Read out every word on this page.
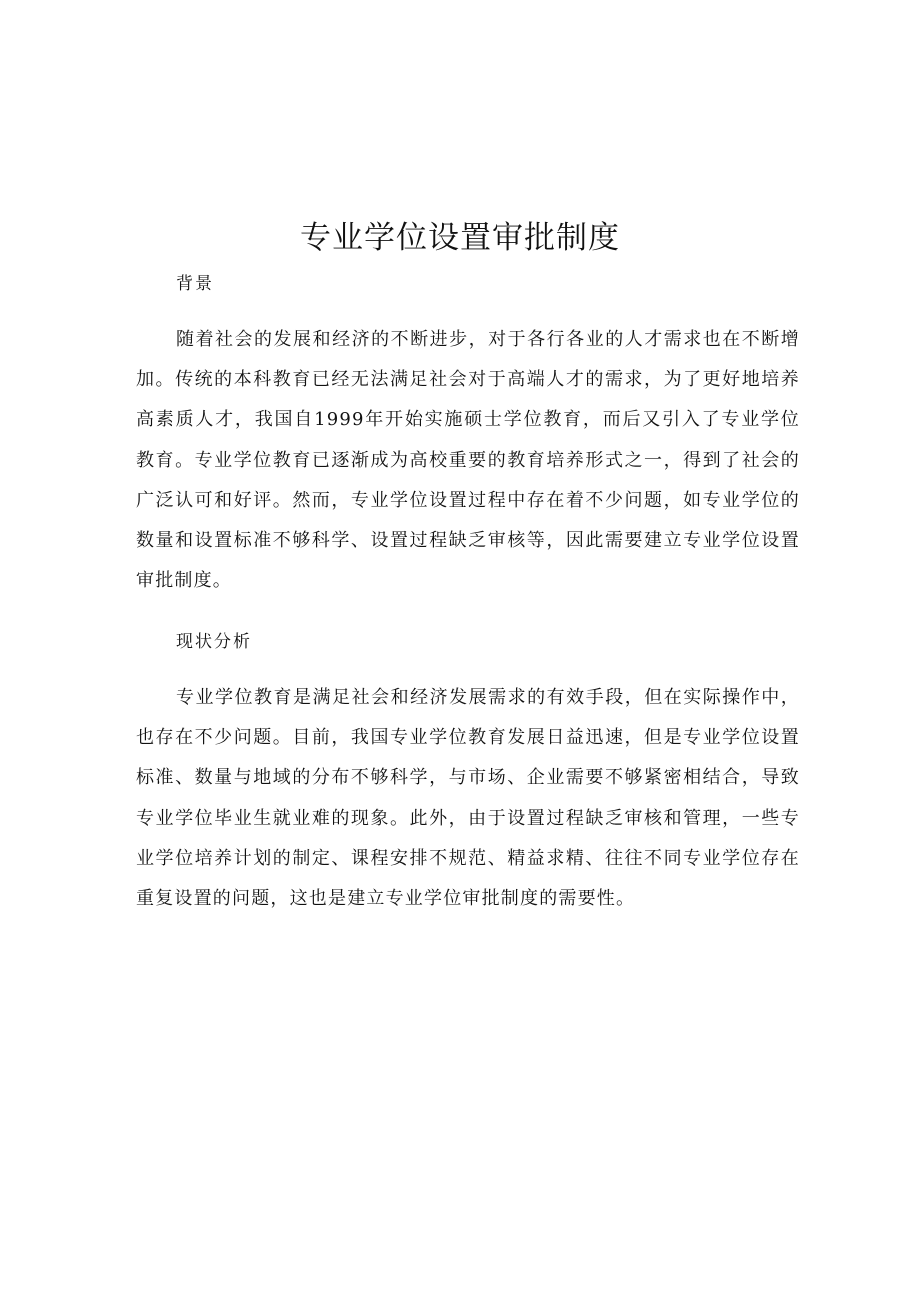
专业学位设置审批制度
背景

随着社会的发展和经济的不断进步，对于各行各业的人才需求也在不断增加。传统的本科教育已经无法满足社会对于高端人才的需求，为了更好地培养高素质人才，我国自1999年开始实施硕士学位教育，而后又引入了专业学位教育。专业学位教育已逐渐成为高校重要的教育培养形式之一，得到了社会的广泛认可和好评。然而，专业学位设置过程中存在着不少问题，如专业学位的数量和设置标准不够科学、设置过程缺乏审核等，因此需要建立专业学位设置审批制度。

现状分析

专业学位教育是满足社会和经济发展需求的有效手段，但在实际操作中，也存在不少问题。目前，我国专业学位教育发展日益迅速，但是专业学位设置标准、数量与地域的分布不够科学，与市场、企业需要不够紧密相结合，导致专业学位毕业生就业难的现象。此外，由于设置过程缺乏审核和管理，一些专业学位培养计划的制定、课程安排不规范、精益求精、往往不同专业学位存在重复设置的问题，这也是建立专业学位审批制度的需要性。
